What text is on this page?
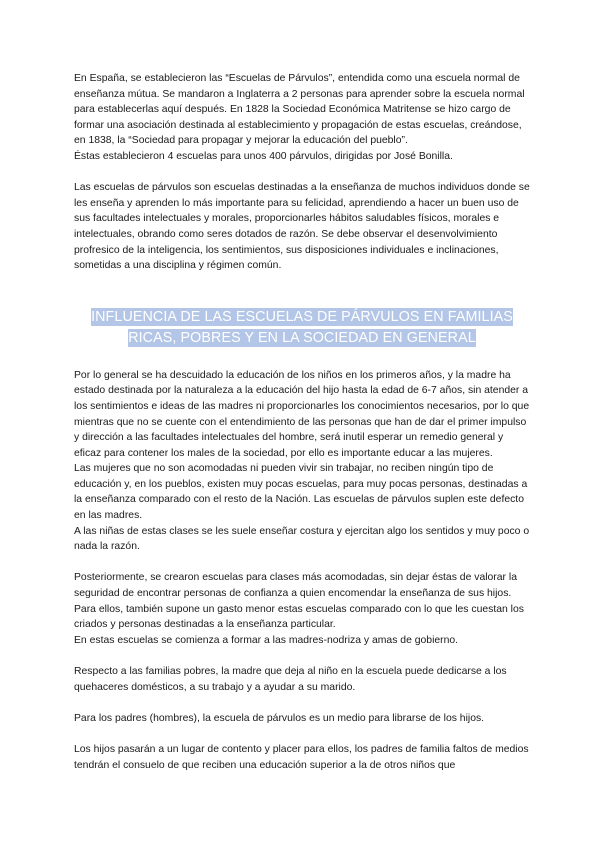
En España, se establecieron las “Escuelas de Párvulos”, entendida como una escuela normal de enseñanza mútua. Se mandaron a Inglaterra a 2 personas para aprender sobre la escuela normal para establecerlas aquí después. En 1828 la Sociedad Económica Matritense se hizo cargo de formar una asociación destinada al establecimiento y propagación de estas escuelas, creándose, en 1838, la “Sociedad para propagar y mejorar la educación del pueblo”.

Éstas establecieron 4 escuelas para unos 400 párvulos, dirigidas por José Bonilla.

Las escuelas de párvulos son escuelas destinadas a la enseñanza de muchos individuos donde se les enseña y aprenden lo más importante para su felicidad, aprendiendo a hacer un buen uso de sus facultades intelectuales y morales, proporcionarles hábitos saludables físicos, morales e intelectuales, obrando como seres dotados de razón. Se debe observar el desenvolvimiento profresico de la inteligencia, los sentimientos, sus disposiciones individuales e inclinaciones, sometidas a una disciplina y régimen común.

INFLUENCIA DE LAS ESCUELAS DE PÁRVULOS EN FAMILIAS RICAS, POBRES Y EN LA SOCIEDAD EN GENERAL

Por lo general se ha descuidado la educación de los niños en los primeros años, y la madre ha estado destinada por la naturaleza a la educación del hijo hasta la edad de 6-7 años, sin atender a los sentimientos e ideas de las madres ni proporcionarles los conocimientos necesarios, por lo que mientras que no se cuente con el entendimiento de las personas que han de dar el primer impulso y dirección a las facultades intelectuales del hombre, será inutil esperar un remedio general y eficaz para contener los males de la sociedad, por ello es importante educar a las mujeres.

Las mujeres que no son acomodadas ni pueden vivir sin trabajar, no reciben ningún tipo de educación y, en los pueblos, existen muy pocas escuelas, para muy pocas personas, destinadas a la enseñanza comparado con el resto de la Nación. Las escuelas de párvulos suplen este defecto en las madres.

A las niñas de estas clases se les suele enseñar costura y ejercitan algo los sentidos y muy poco o nada la razón.

Posteriormente, se crearon escuelas para clases más acomodadas, sin dejar éstas de valorar la seguridad de encontrar personas de confianza a quien encomendar la enseñanza de sus hijos. Para ellos, también supone un gasto menor estas escuelas comparado con lo que les cuestan los criados y personas destinadas a la enseñanza particular.

En estas escuelas se comienza a formar a las madres-nodriza y amas de gobierno.

Respecto a las familias pobres, la madre que deja al niño en la escuela puede dedicarse a los quehaceres domésticos, a su trabajo y a ayudar a su marido.

Para los padres (hombres), la escuela de párvulos es un medio para librarse de los hijos.

Los hijos pasarán a un lugar de contento y placer para ellos, los padres de familia faltos de medios tendrán el consuelo de que reciben una educación superior a la de otros niños que
